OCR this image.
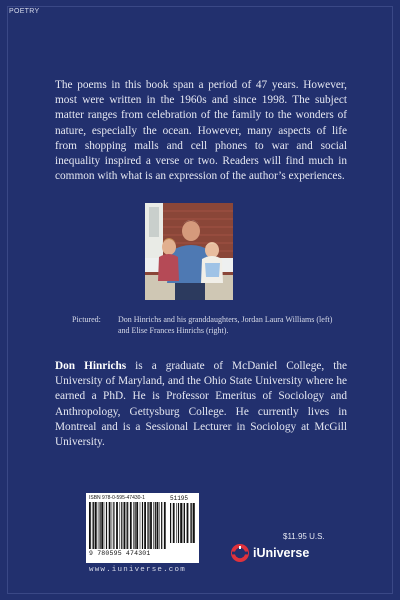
POETRY
The poems in this book span a period of 47 years. However, most were written in the 1960s and since 1998. The subject matter ranges from celebration of the family to the wonders of nature, especially the ocean. However, many aspects of life from shopping malls and cell phones to war and social inequality inspired a verse or two. Readers will find much in common with what is an expression of the author’s experiences.
Pictured: Don Hinrichs and his granddaughters, Jordan Laura Williams (left) and Elise Frances Hinrichs (right).
Don Hinrichs is a graduate of McDaniel College, the University of Maryland, and the Ohio State University where he earned a PhD. He is Professor Emeritus of Sociology and Anthropology, Gettysburg College. He currently lives in Montreal and is a Sessional Lecturer in Sociology at McGill University.
ISBN 978-0-595-47430-1
9 780595 474301
51195
www.iuniverse.com
$11.95 U.S.
iUniverse
